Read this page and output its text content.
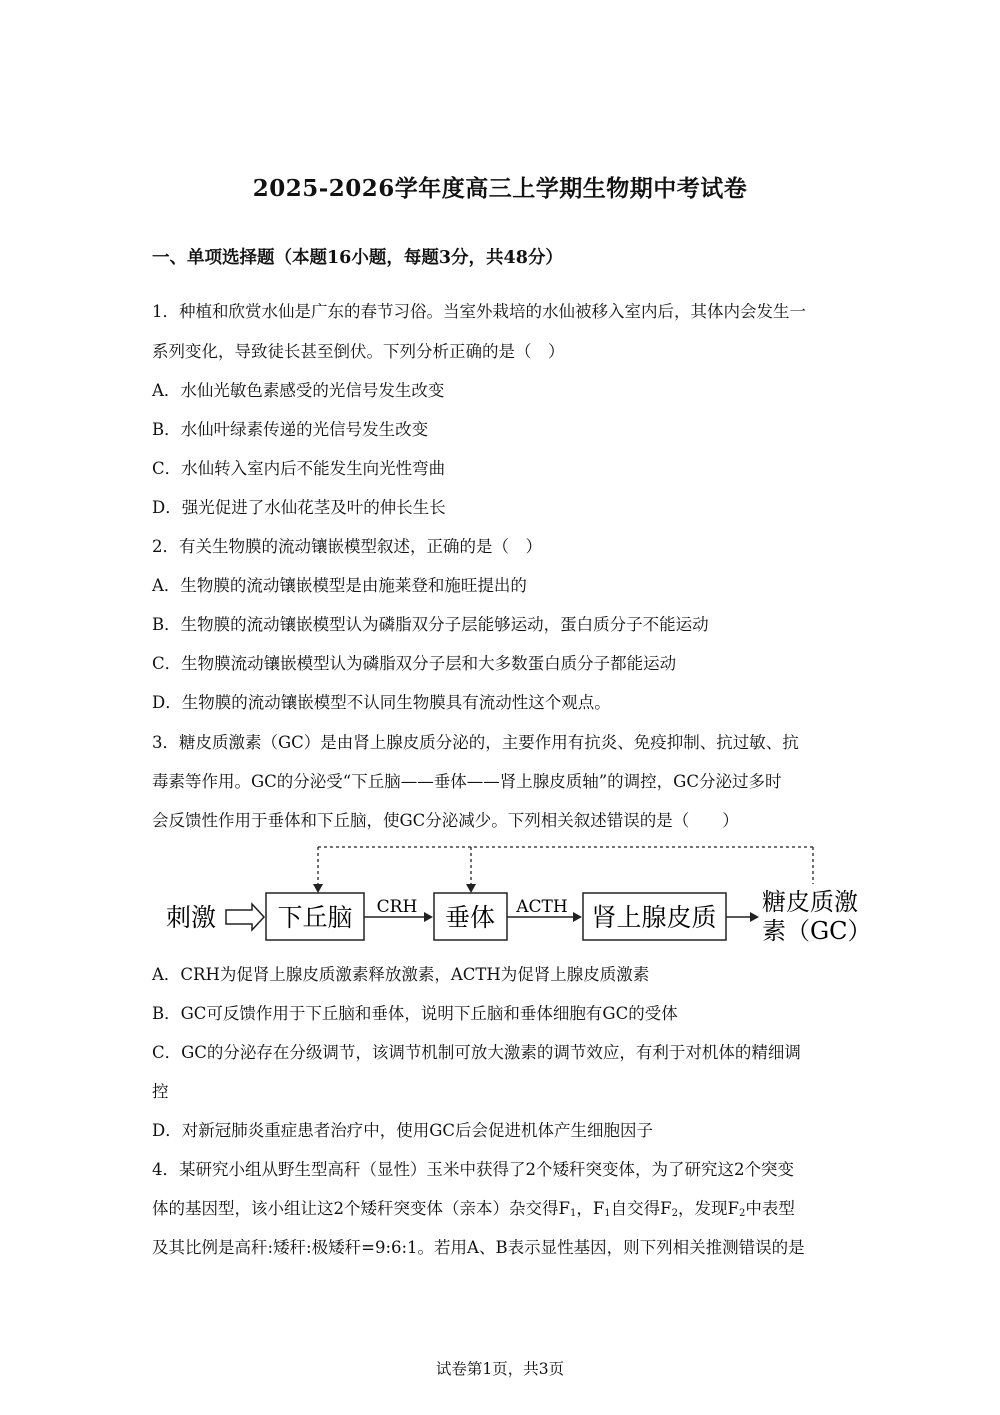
2025-2026学年度高三上学期生物期中考试卷
一、单项选择题（本题16小题，每题3分，共48分）
1．种植和欣赏水仙是广东的春节习俗。当室外栽培的水仙被移入室内后，其体内会发生一
系列变化，导致徒长甚至倒伏。下列分析正确的是（　）
A．水仙光敏色素感受的光信号发生改变
B．水仙叶绿素传递的光信号发生改变
C．水仙转入室内后不能发生向光性弯曲
D．强光促进了水仙花茎及叶的伸长生长
2．有关生物膜的流动镶嵌模型叙述，正确的是（　）
A．生物膜的流动镶嵌模型是由施莱登和施旺提出的
B．生物膜的流动镶嵌模型认为磷脂双分子层能够运动，蛋白质分子不能运动
C．生物膜流动镶嵌模型认为磷脂双分子层和大多数蛋白质分子都能运动
D．生物膜的流动镶嵌模型不认同生物膜具有流动性这个观点。
3．糖皮质激素（GC）是由肾上腺皮质分泌的，主要作用有抗炎、免疫抑制、抗过敏、抗
毒素等作用。GC的分泌受“下丘脑——垂体——肾上腺皮质轴”的调控，GC分泌过多时
会反馈性作用于垂体和下丘脑，使GC分泌减少。下列相关叙述错误的是（　　）
刺激 下丘脑 CRH 垂体 ACTH 肾上腺皮质
糖皮质激
素（GC）
A．CRH为促肾上腺皮质激素释放激素，ACTH为促肾上腺皮质激素
B．GC可反馈作用于下丘脑和垂体，说明下丘脑和垂体细胞有GC的受体
C．GC的分泌存在分级调节，该调节机制可放大激素的调节效应，有利于对机体的精细调
控
D．对新冠肺炎重症患者治疗中，使用GC后会促进机体产生细胞因子
4．某研究小组从野生型高秆（显性）玉米中获得了2个矮秆突变体，为了研究这2个突变
体的基因型，该小组让这2个矮秆突变体（亲本）杂交得$F_1$，$F_1$自交得$F_2$，发现$F_2$中表型
及其比例是高秆:矮秆:极矮秆=9:6:1。若用A、B表示显性基因，则下列相关推测错误的是
试卷第1页，共3页
